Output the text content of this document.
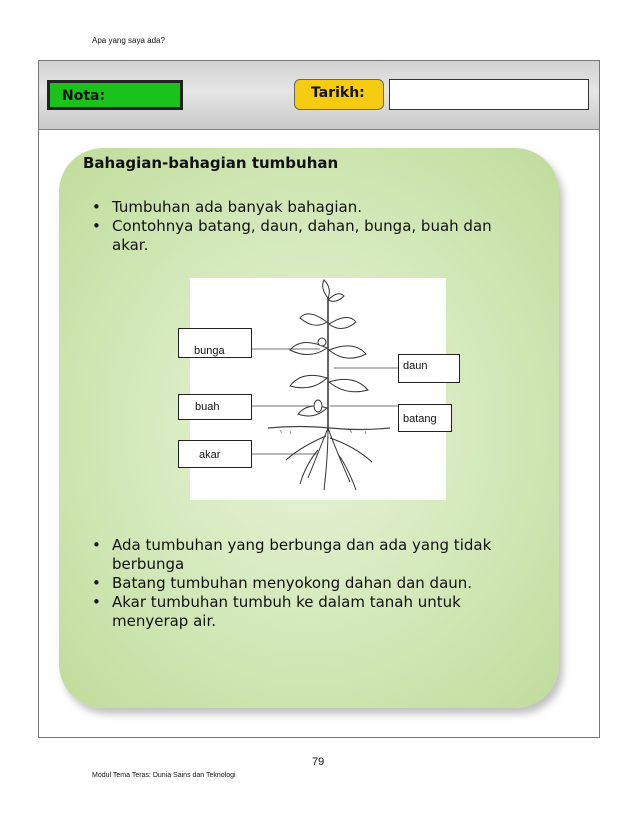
Apa yang saya ada?
Nota:	Tarikh:
Bahagian-bahagian tumbuhan
• Tumbuhan ada banyak bahagian.
• Contohnya batang, daun, dahan, bunga, buah dan akar.
bunga
buah
akar
daun
batang
• Ada tumbuhan yang berbunga dan ada yang tidak berbunga
• Batang tumbuhan menyokong dahan dan daun.
• Akar tumbuhan tumbuh ke dalam tanah untuk menyerap air.
79
Modul Tema Teras: Dunia Sains dan Teknologi
